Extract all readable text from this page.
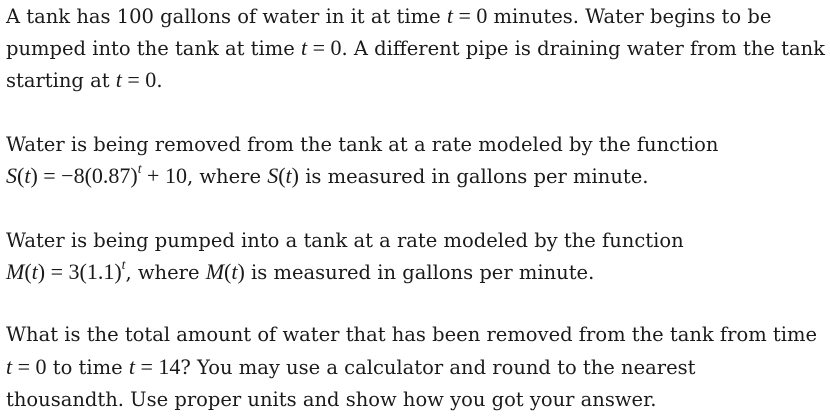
A tank has 100 gallons of water in it at time t = 0 minutes. Water begins to be
pumped into the tank at time t = 0. A different pipe is draining water from the tank
starting at t = 0.
Water is being removed from the tank at a rate modeled by the function
$S(t) = -8(0.87)^t + 10$, where S(t) is measured in gallons per minute.
Water is being pumped into a tank at a rate modeled by the function
$M(t) = 3(1.1)^t$, where M(t) is measured in gallons per minute.
What is the total amount of water that has been removed from the tank from time
t = 0 to time t = 14? You may use a calculator and round to the nearest
thousandth. Use proper units and show how you got your answer.
